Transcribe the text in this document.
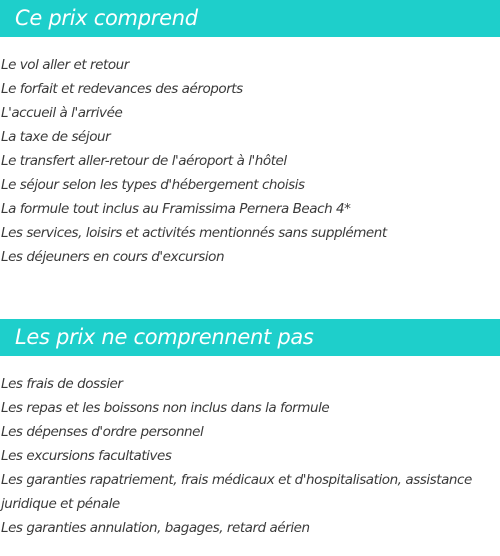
Ce prix comprend
Le vol aller et retour
Le forfait et redevances des aéroports
L'accueil à l'arrivée
La taxe de séjour
Le transfert aller-retour de l'aéroport à l'hôtel
Le séjour selon les types d'hébergement choisis
La formule tout inclus au Framissima Pernera Beach 4*
Les services, loisirs et activités mentionnés sans supplément
Les déjeuners en cours d'excursion
Les prix ne comprennent pas
Les frais de dossier
Les repas et les boissons non inclus dans la formule
Les dépenses d'ordre personnel
Les excursions facultatives
Les garanties rapatriement, frais médicaux et d'hospitalisation, assistance juridique et pénale
Les garanties annulation, bagages, retard aérien
